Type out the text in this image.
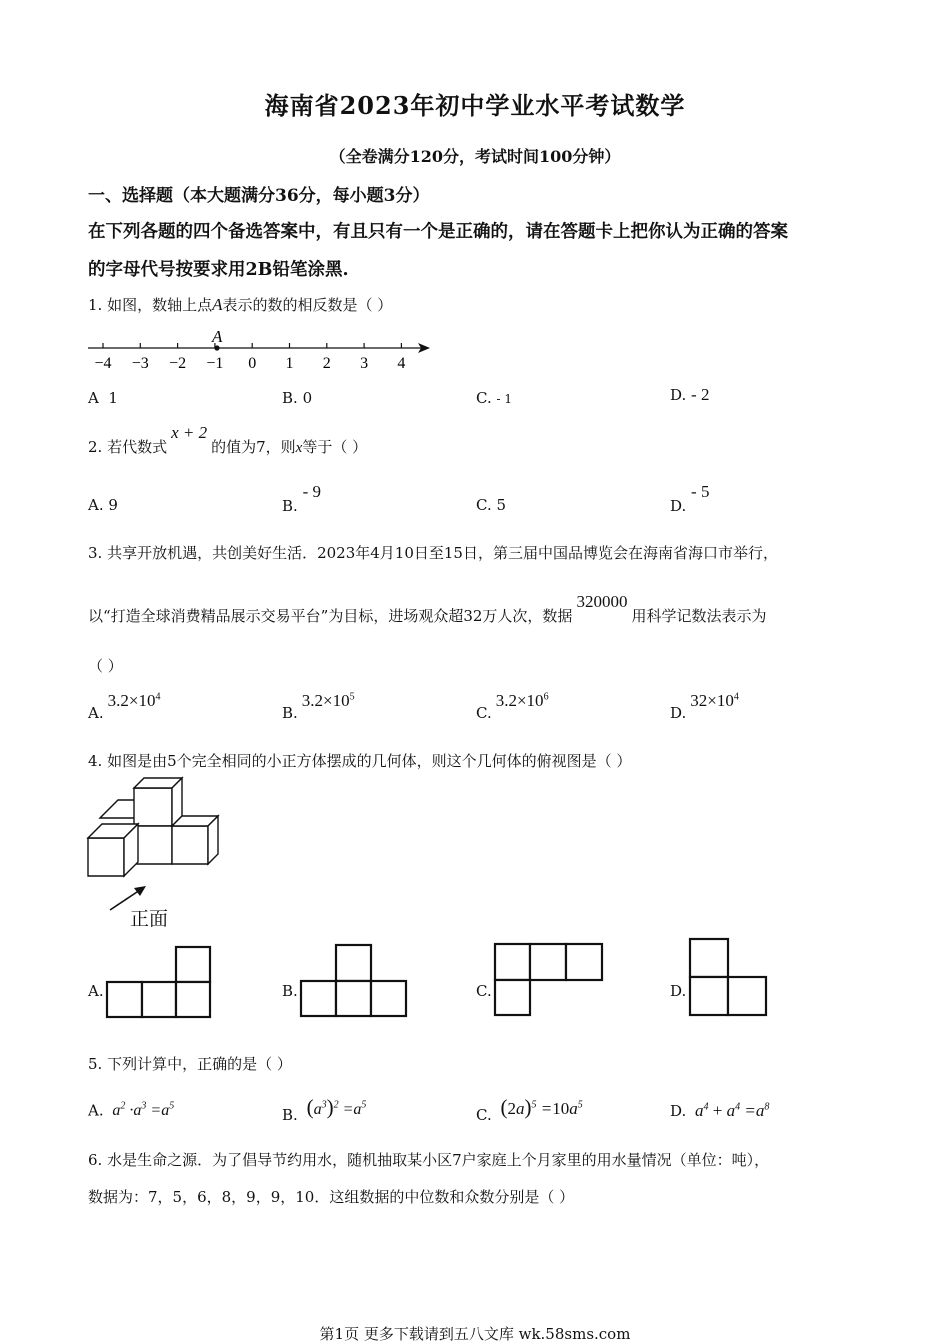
海南省2023年初中学业水平考试数学
（全卷满分120分，考试时间100分钟）
一、选择题（本大题满分36分，每小题3分）
在下列各题的四个备选答案中，有且只有一个是正确的，请在答题卡上把你认为正确的答案
的字母代号按要求用2B铅笔涂黑.
1. 如图，数轴上点A表示的数的相反数是（ ）
−4 −3 −2 −1 0 1 2 3 4
A
A 1	B. 0	C. - 1	D. - 2
2. 若代数式x + 2的值为7，则x等于（ ）
A. 9	B. - 9
C. 5	D. - 5
3. 共享开放机遇，共创美好生活．2023年4月10日至15日，第三届中国品博览会在海南省海口市举行，
以“打造全球消费精品展示交易平台”为目标，进场观众超32万人次，数据320000用科学记数法表示为
（ ）
$A.3.2\times 10^4$
$B.3.2\times 10^5$
$C.3.2\times 10^6$
$D.32\times 10^4$
4. 如图是由5个完全相同的小正方体摆成的几何体，则这个几何体的俯视图是（ ）
正面
A.	B.	C.	D.
5. 下列计算中，正确的是（ ）
A. $a^2 \cdot a^3 =a^5$	B. $(a^3)^2 =a^5$
C. $(2a)^5 =10a^5$	D. $a^4 + a^4 =a^8$
6. 水是生命之源．为了倡导节约用水，随机抽取某小区7户家庭上个月家里的用水量情况（单位：吨），
数据为：7，5，6，8，9，9，10．这组数据的中位数和众数分别是（ ）
第1页 更多下载请到五八文库 wk.58sms.com
